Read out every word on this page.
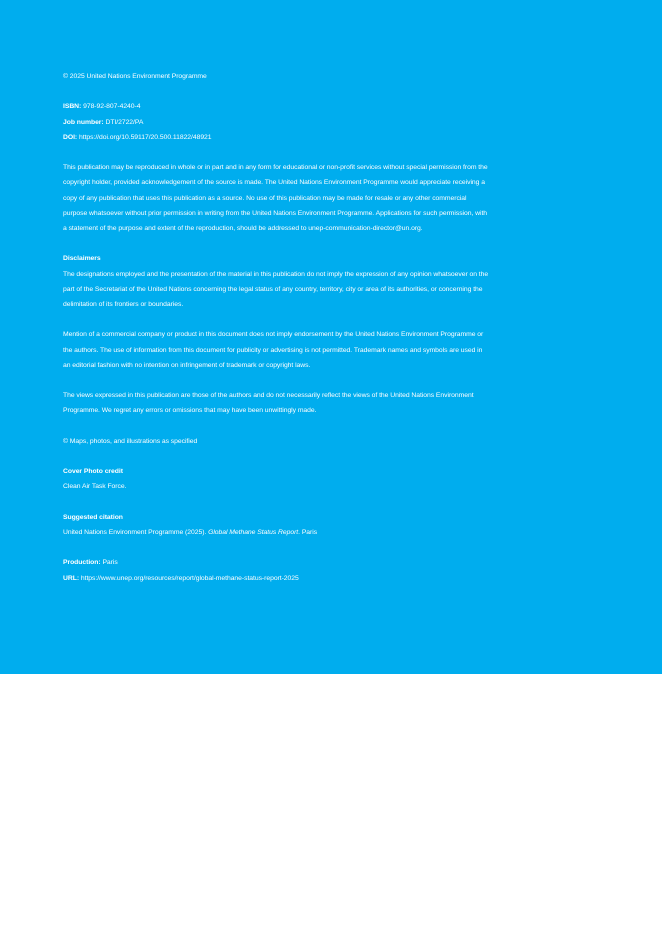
© 2025 United Nations Environment Programme

ISBN: 978-92-807-4240-4

Job number: DTI/2722/PA

DOI: https://doi.org/10.59117/20.500.11822/48921

This publication may be reproduced in whole or in part and in any form for educational or non-profit services without special permission from the copyright holder, provided acknowledgement of the source is made. The United Nations Environment Programme would appreciate receiving a copy of any publication that uses this publication as a source. No use of this publication may be made for resale or any other commercial purpose whatsoever without prior permission in writing from the United Nations Environment Programme. Applications for such permission, with a statement of the purpose and extent of the reproduction, should be addressed to unep-communication-director@un.org.

Disclaimers

The designations employed and the presentation of the material in this publication do not imply the expression of any opinion whatsoever on the part of the Secretariat of the United Nations concerning the legal status of any country, territory, city or area of its authorities, or concerning the delimitation of its frontiers or boundaries.

Mention of a commercial company or product in this document does not imply endorsement by the United Nations Environment Programme or the authors. The use of information from this document for publicity or advertising is not permitted. Trademark names and symbols are used in an editorial fashion with no intention on infringement of trademark or copyright laws.

The views expressed in this publication are those of the authors and do not necessarily reflect the views of the United Nations Environment Programme. We regret any errors or omissions that may have been unwittingly made.

© Maps, photos, and illustrations as specified

Cover Photo credit

Clean Air Task Force.

Suggested citation

United Nations Environment Programme (2025). Global Methane Status Report. Paris

Production: Paris

URL: https://www.unep.org/resources/report/global-methane-status-report-2025
